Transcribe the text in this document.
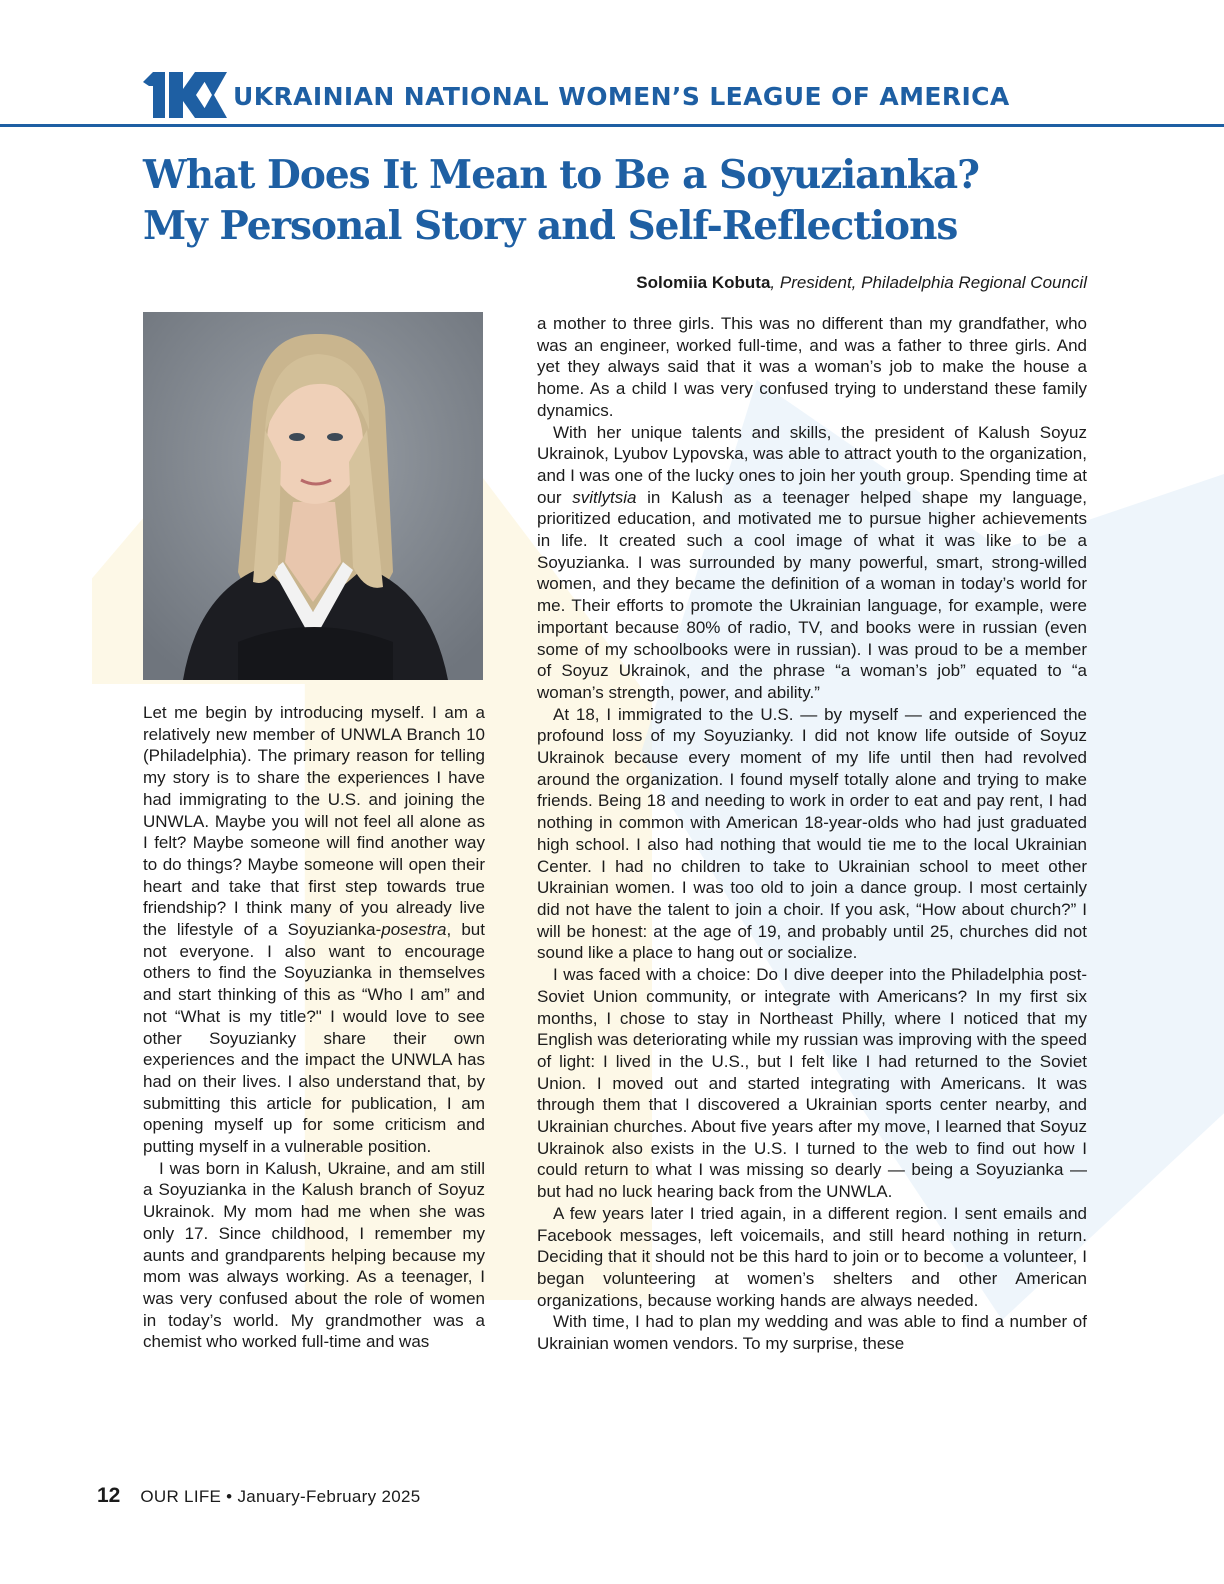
UKRAINIAN NATIONAL WOMEN’S LEAGUE OF AMERICA
What Does It Mean to Be a Soyuzianka?
My Personal Story and Self-Reflections
Solomiia Kobuta, President, Philadelphia Regional Council

Let me begin by introducing myself. I am a relatively new member of UNWLA Branch 10 (Philadelphia). The primary reason for telling my story is to share the experiences I have had immigrating to the U.S. and joining the UNWLA. Maybe you will not feel all alone as I felt? Maybe someone will find another way to do things? Maybe someone will open their heart and take that first step towards true friendship? I think many of you already live the lifestyle of a Soyuzianka-posestra, but not everyone. I also want to encourage others to find the Soyuzianka in themselves and start thinking of this as “Who I am” and not “What is my title?" I would love to see other Soyuzianky share their own experiences and the impact the UNWLA has had on their lives. I also understand that, by submitting this article for publication, I am opening myself up for some criticism and putting myself in a vulnerable position.

I was born in Kalush, Ukraine, and am still a Soyuzianka in the Kalush branch of Soyuz Ukrainok. My mom had me when she was only 17. Since childhood, I remember my aunts and grandparents helping because my mom was always working. As a teenager, I was very confused about the role of women in today’s world. My grandmother was a chemist who worked full-time and was

a mother to three girls. This was no different than my grandfather, who was an engineer, worked full-time, and was a father to three girls. And yet they always said that it was a woman’s job to make the house a home. As a child I was very confused trying to understand these family dynamics.

With her unique talents and skills, the president of Kalush Soyuz Ukrainok, Lyubov Lypovska, was able to attract youth to the organization, and I was one of the lucky ones to join her youth group. Spending time at our svitlytsia in Kalush as a teenager helped shape my language, prioritized education, and motivated me to pursue higher achievements in life. It created such a cool image of what it was like to be a Soyuzianka. I was surrounded by many powerful, smart, strong-willed women, and they became the definition of a woman in today’s world for me. Their efforts to promote the Ukrainian language, for example, were important because 80% of radio, TV, and books were in russian (even some of my schoolbooks were in russian). I was proud to be a member of Soyuz Ukrainok, and the phrase “a woman’s job” equated to “a woman’s strength, power, and ability.”

At 18, I immigrated to the U.S. — by myself — and experienced the profound loss of my Soyuzianky. I did not know life outside of Soyuz Ukrainok because every moment of my life until then had revolved around the organization. I found myself totally alone and trying to make friends. Being 18 and needing to work in order to eat and pay rent, I had nothing in common with American 18-year-olds who had just graduated high school. I also had nothing that would tie me to the local Ukrainian Center. I had no children to take to Ukrainian school to meet other Ukrainian women. I was too old to join a dance group. I most certainly did not have the talent to join a choir. If you ask, “How about church?” I will be honest: at the age of 19, and probably until 25, churches did not sound like a place to hang out or socialize.

I was faced with a choice: Do I dive deeper into the Philadelphia post-Soviet Union community, or integrate with Americans? In my first six months, I chose to stay in Northeast Philly, where I noticed that my English was deteriorating while my russian was improving with the speed of light: I lived in the U.S., but I felt like I had returned to the Soviet Union. I moved out and started integrating with Americans. It was through them that I discovered a Ukrainian sports center nearby, and Ukrainian churches. About five years after my move, I learned that Soyuz Ukrainok also exists in the U.S. I turned to the web to find out how I could return to what I was missing so dearly — being a Soyuzianka — but had no luck hearing back from the UNWLA.

A few years later I tried again, in a different region. I sent emails and Facebook messages, left voicemails, and still heard nothing in return. Deciding that it should not be this hard to join or to become a volunteer, I began volunteering at women’s shelters and other American organizations, because working hands are always needed.

With time, I had to plan my wedding and was able to find a number of Ukrainian women vendors. To my surprise, these

12 OUR LIFE • January-February 2025
